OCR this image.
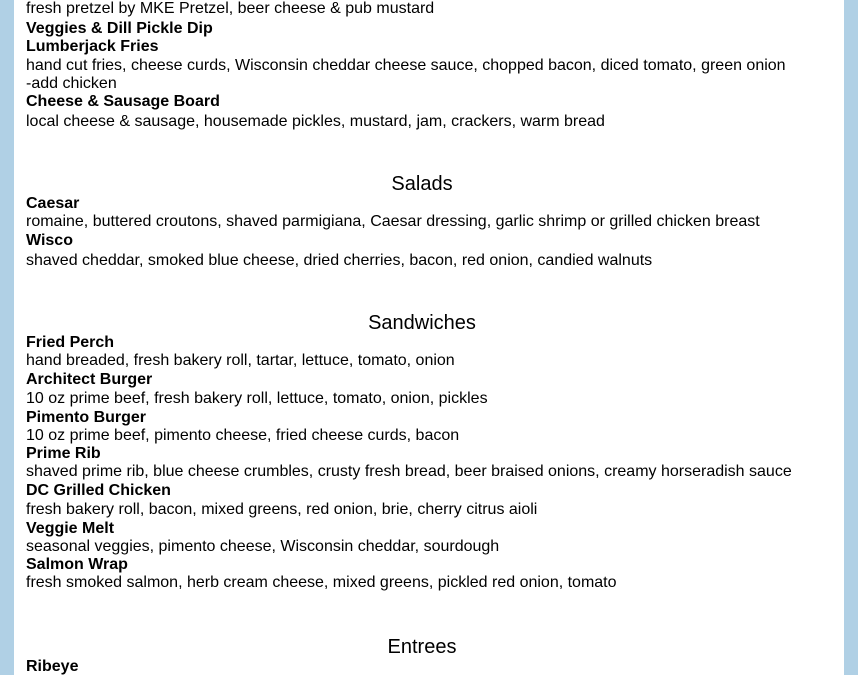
fresh pretzel by MKE Pretzel, beer cheese & pub mustard
Veggies & Dill Pickle Dip
Lumberjack Fries
hand cut fries, cheese curds, Wisconsin cheddar cheese sauce, chopped bacon, diced tomato, green onion
-add chicken
Cheese & Sausage Board
local cheese & sausage, housemade pickles, mustard, jam, crackers, warm bread
Salads
Caesar
romaine, buttered croutons, shaved parmigiana, Caesar dressing, garlic shrimp or grilled chicken breast
Wisco
shaved cheddar, smoked blue cheese, dried cherries, bacon, red onion, candied walnuts
Sandwiches
Fried Perch
hand breaded, fresh bakery roll, tartar, lettuce, tomato, onion
Architect Burger
10 oz prime beef, fresh bakery roll, lettuce, tomato, onion, pickles
Pimento Burger
10 oz prime beef, pimento cheese, fried cheese curds, bacon
Prime Rib
shaved prime rib, blue cheese crumbles, crusty fresh bread, beer braised onions, creamy horseradish sauce
DC Grilled Chicken
fresh bakery roll, bacon, mixed greens, red onion, brie, cherry citrus aioli
Veggie Melt
seasonal veggies, pimento cheese, Wisconsin cheddar, sourdough
Salmon Wrap
fresh smoked salmon, herb cream cheese, mixed greens, pickled red onion, tomato
Entrees
Ribeye
